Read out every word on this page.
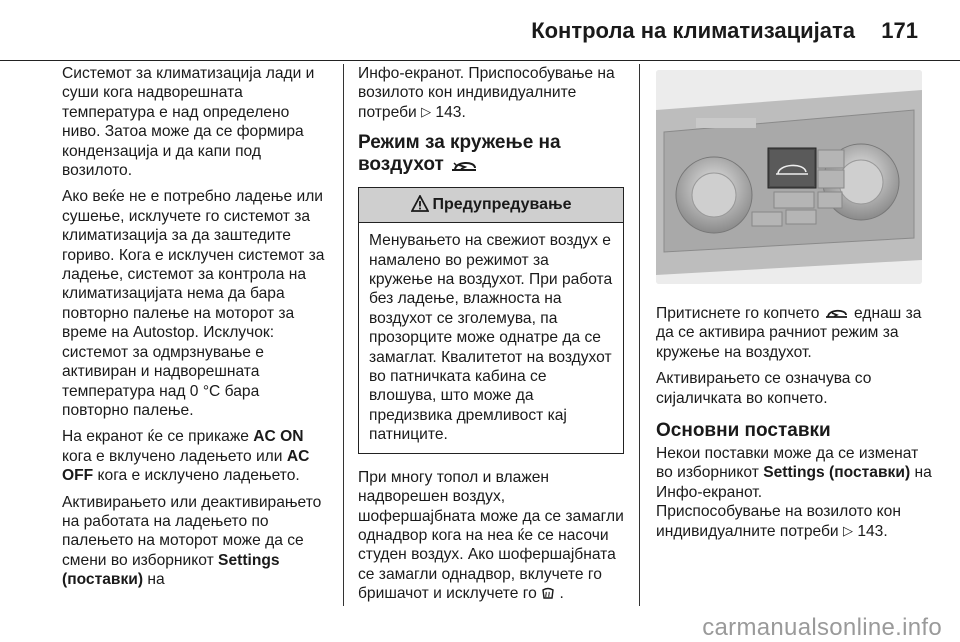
Контрола на климатизацијата 171

Системот за климатизација лади и суши кога надворешната температура е над определено ниво. Затоа може да се формира кондензација и да капи под возилото.

Ако веќе не е потребно ладење или сушење, исклучете го системот за климатизација за да заштедите гориво. Кога е исклучен системот за ладење, системот за контрола на климатизацијата нема да бара повторно палење на моторот за време на Autostop. Исклучок: системот за одмрзнување е активиран и надворешната температура над 0 °C бара повторно палење.

На екранот ќе се прикаже AC ON кога е вклучено ладењето или AC OFF кога е исклучено ладењето.

Активирањето или деактивирањето на работата на ладењето по палењето на моторот може да се смени во изборникот Settings (поставки) на

Инфо-екранот. Приспособување на возилото кон индивидуалните потреби ▷ 143.

Режим за кружење на воздухот
Предупредување
Менувањето на свежиот воздух е намалено во режимот за кружење на воздухот. При работа без ладење, влажноста на воздухот се зголемува, па прозорците може однатре да се замаглат. Квалитетот на воздухот во патничката кабина се влошува, што може да предизвика дремливост кај патниците.

При многу топол и влажен надворешен воздух, шофершајбната може да се замагли однадвор кога на неа ќе се насочи студен воздух. Ако шофершајбната се замагли однадвор, вклучете го бришачот и исклучете го  .

Притиснете го копчето  еднаш за да се активира рачниот режим за кружење на воздухот.

Активирањето се означува со сијаличката во копчето.

Основни поставки

Некои поставки може да се изменат во изборникот Settings (поставки) на Инфо-екранот.

Приспособување на возилото кон индивидуалните потреби ▷ 143.

carmanualsonline.info
